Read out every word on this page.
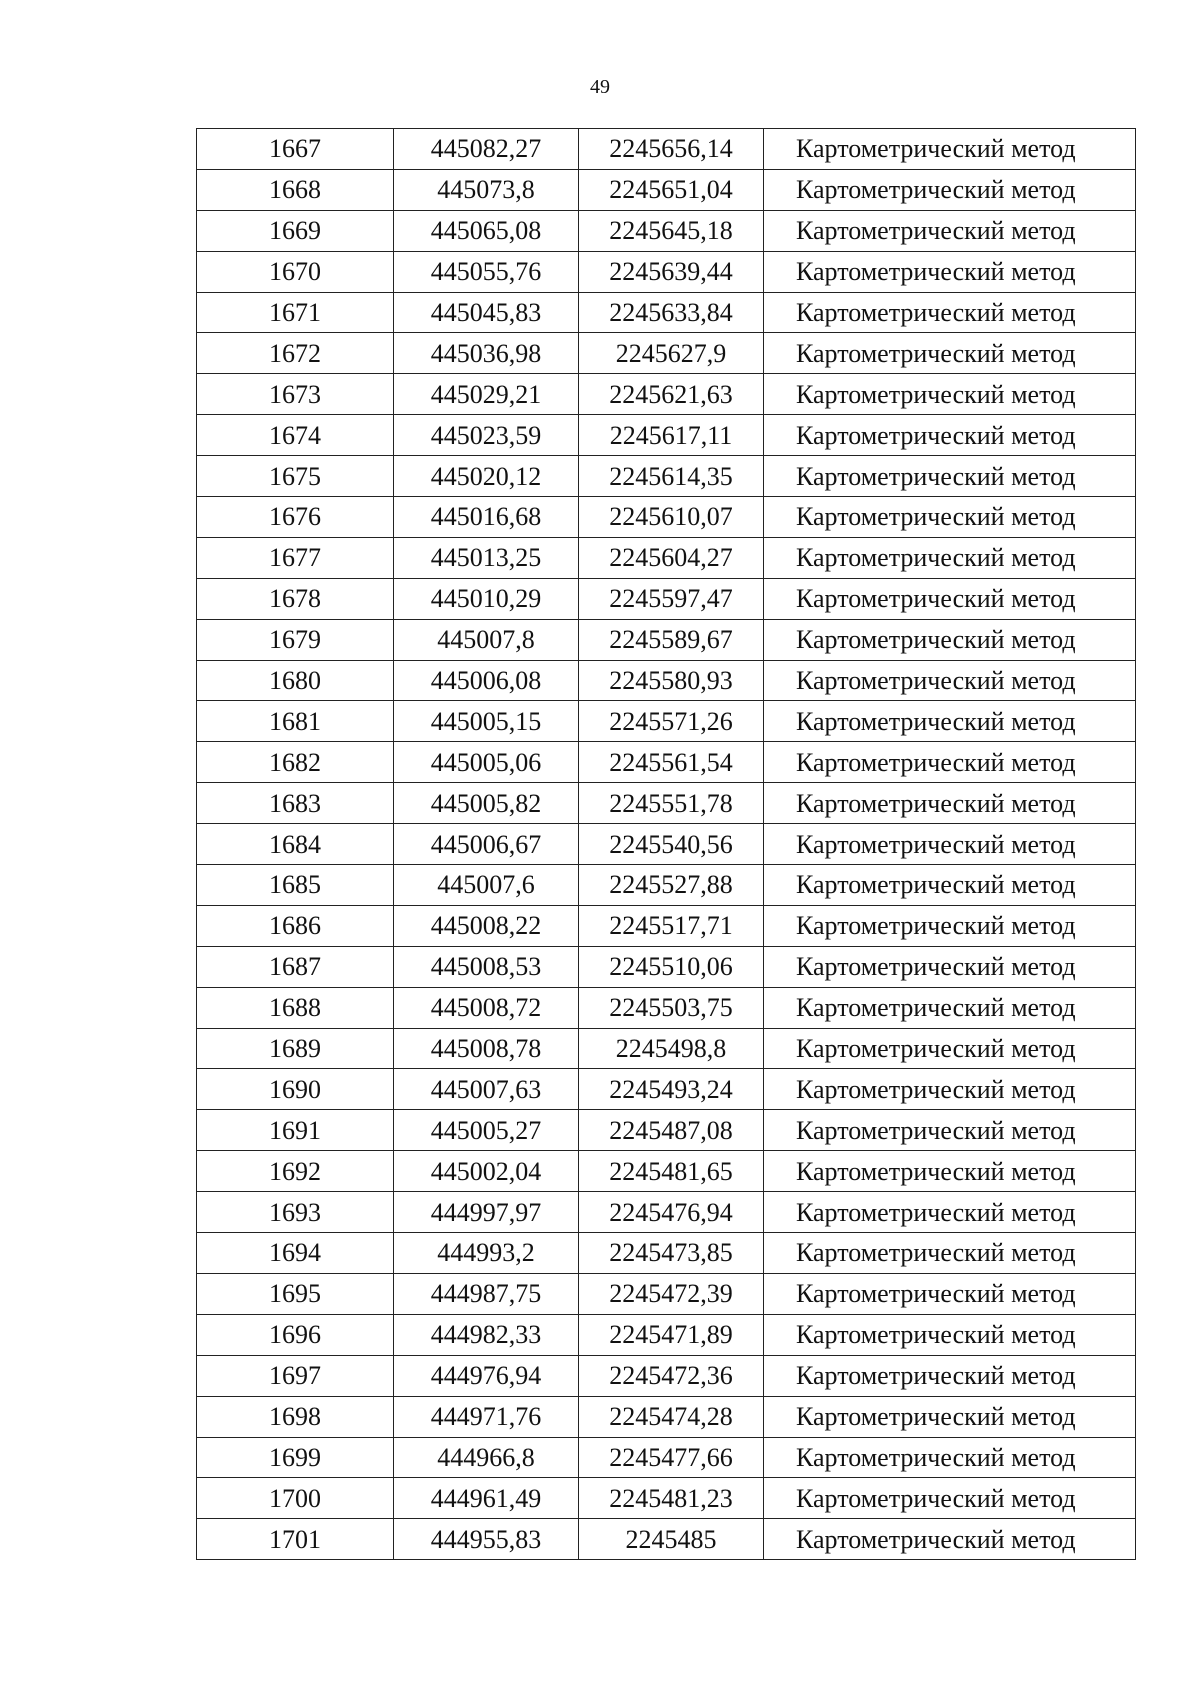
49
1667	445082,27	2245656,14	Картометрический метод
1668	445073,8	2245651,04	Картометрический метод
1669	445065,08	2245645,18	Картометрический метод
1670	445055,76	2245639,44	Картометрический метод
1671	445045,83	2245633,84	Картометрический метод
1672	445036,98	2245627,9	Картометрический метод
1673	445029,21	2245621,63	Картометрический метод
1674	445023,59	2245617,11	Картометрический метод
1675	445020,12	2245614,35	Картометрический метод
1676	445016,68	2245610,07	Картометрический метод
1677	445013,25	2245604,27	Картометрический метод
1678	445010,29	2245597,47	Картометрический метод
1679	445007,8	2245589,67	Картометрический метод
1680	445006,08	2245580,93	Картометрический метод
1681	445005,15	2245571,26	Картометрический метод
1682	445005,06	2245561,54	Картометрический метод
1683	445005,82	2245551,78	Картометрический метод
1684	445006,67	2245540,56	Картометрический метод
1685	445007,6	2245527,88	Картометрический метод
1686	445008,22	2245517,71	Картометрический метод
1687	445008,53	2245510,06	Картометрический метод
1688	445008,72	2245503,75	Картометрический метод
1689	445008,78	2245498,8	Картометрический метод
1690	445007,63	2245493,24	Картометрический метод
1691	445005,27	2245487,08	Картометрический метод
1692	445002,04	2245481,65	Картометрический метод
1693	444997,97	2245476,94	Картометрический метод
1694	444993,2	2245473,85	Картометрический метод
1695	444987,75	2245472,39	Картометрический метод
1696	444982,33	2245471,89	Картометрический метод
1697	444976,94	2245472,36	Картометрический метод
1698	444971,76	2245474,28	Картометрический метод
1699	444966,8	2245477,66	Картометрический метод
1700	444961,49	2245481,23	Картометрический метод
1701	444955,83	2245485	Картометрический метод
